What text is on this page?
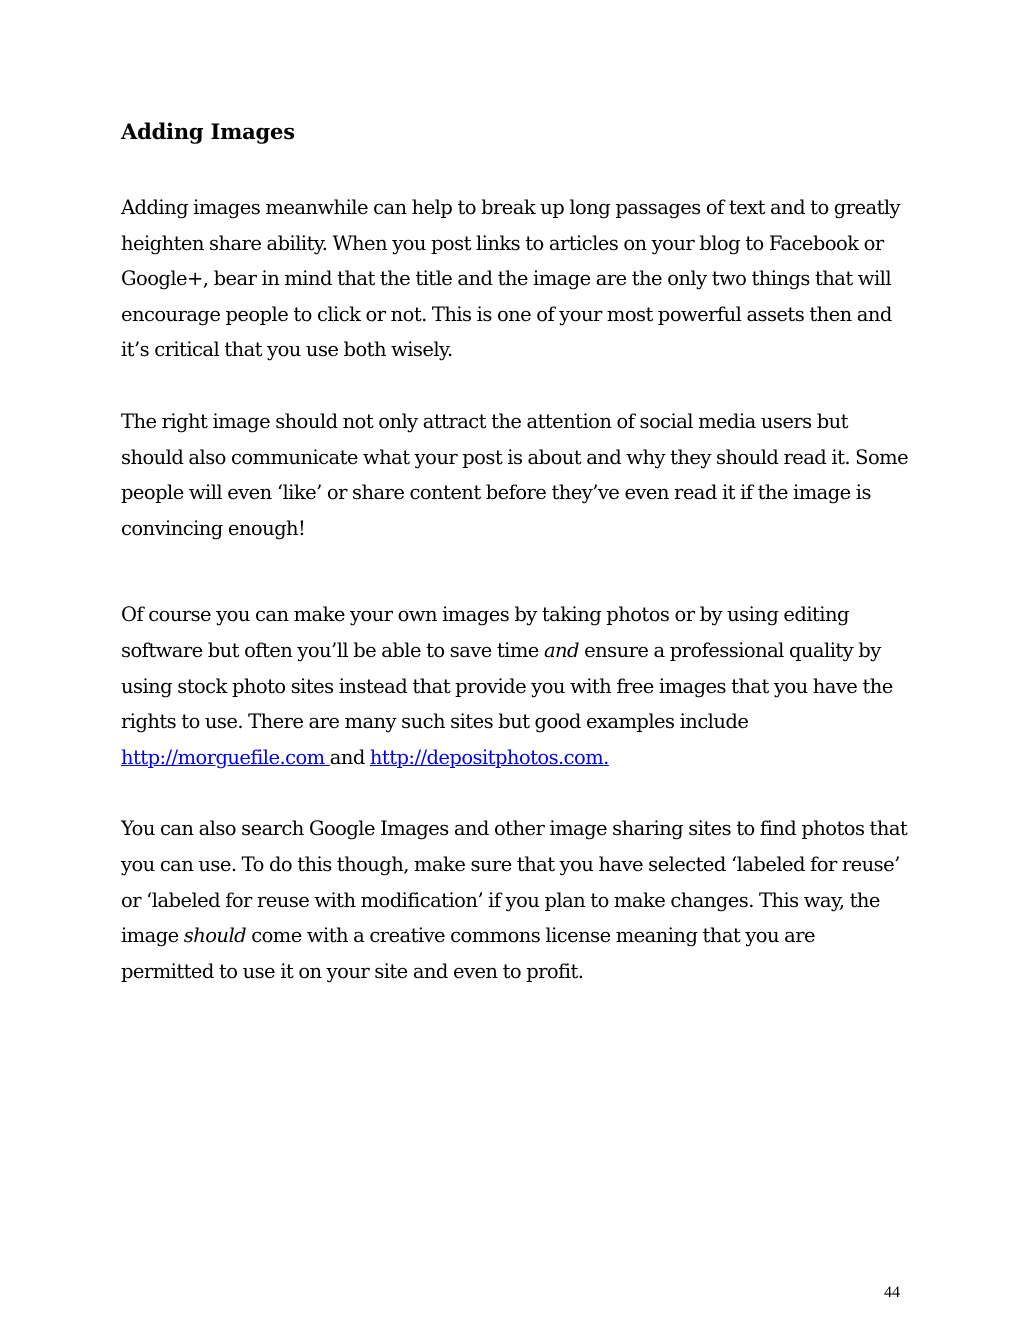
Adding Images

Adding images meanwhile can help to break up long passages of text and to greatly heighten share ability. When you post links to articles on your blog to Facebook or Google+, bear in mind that the title and the image are the only two things that will encourage people to click or not. This is one of your most powerful assets then and it’s critical that you use both wisely.

The right image should not only attract the attention of social media users but should also communicate what your post is about and why they should read it. Some people will even ‘like’ or share content before they’ve even read it if the image is convincing enough!

Of course you can make your own images by taking photos or by using editing software but often you’ll be able to save time and ensure a professional quality by using stock photo sites instead that provide you with free images that you have the rights to use. There are many such sites but good examples include http://morguefile.com and http://depositphotos.com.

You can also search Google Images and other image sharing sites to find photos that you can use. To do this though, make sure that you have selected ‘labeled for reuse’ or ‘labeled for reuse with modification’ if you plan to make changes. This way, the image should come with a creative commons license meaning that you are permitted to use it on your site and even to profit.

44
